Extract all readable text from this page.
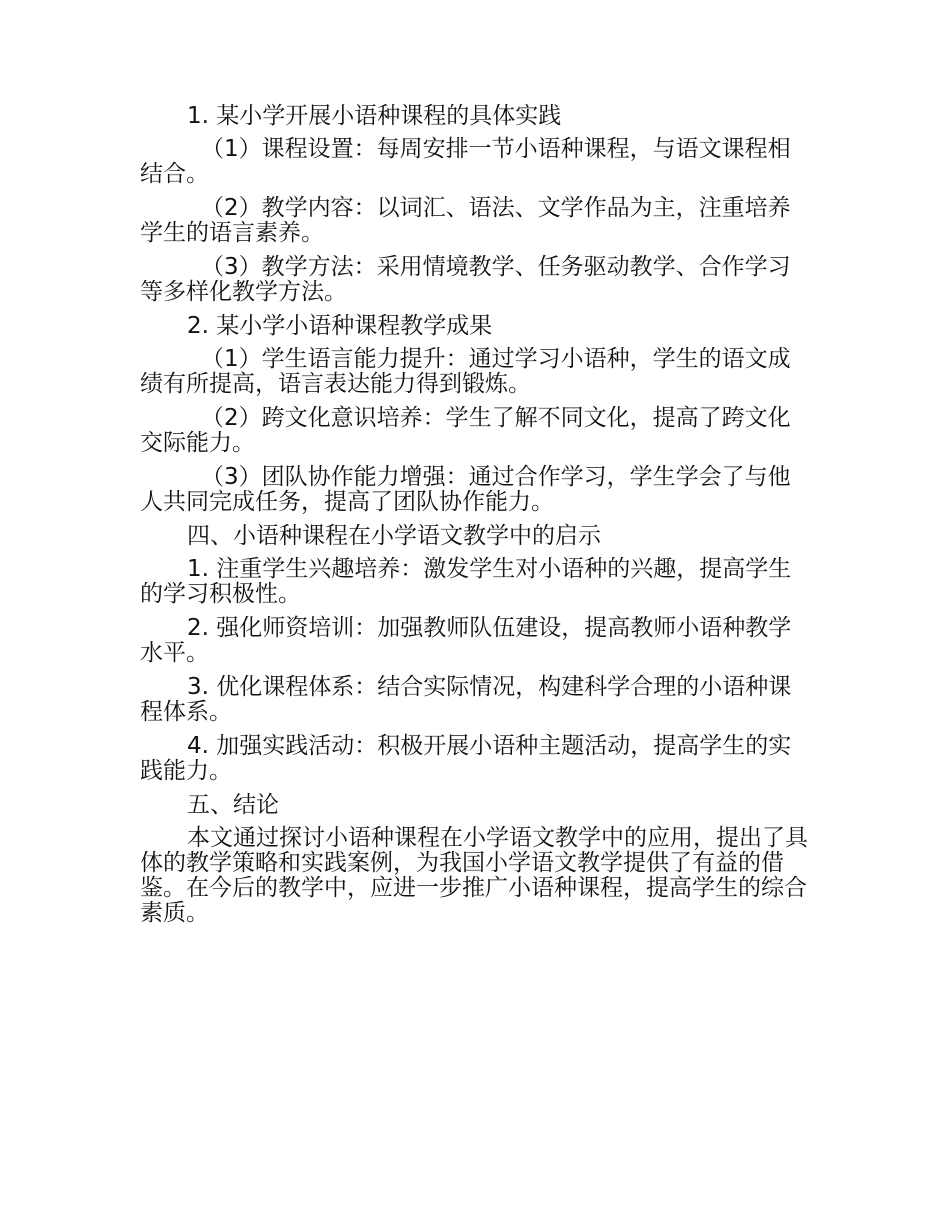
1. 某小学开展小语种课程的具体实践

（1）课程设置：每周安排一节小语种课程，与语文课程相结合。

（2）教学内容：以词汇、语法、文学作品为主，注重培养学生的语言素养。

（3）教学方法：采用情境教学、任务驱动教学、合作学习等多样化教学方法。

2. 某小学小语种课程教学成果

（1）学生语言能力提升：通过学习小语种，学生的语文成绩有所提高，语言表达能力得到锻炼。

（2）跨文化意识培养：学生了解不同文化，提高了跨文化交际能力。

（3）团队协作能力增强：通过合作学习，学生学会了与他人共同完成任务，提高了团队协作能力。

四、小语种课程在小学语文教学中的启示

1. 注重学生兴趣培养：激发学生对小语种的兴趣，提高学生的学习积极性。

2. 强化师资培训：加强教师队伍建设，提高教师小语种教学水平。

3. 优化课程体系：结合实际情况，构建科学合理的小语种课程体系。

4. 加强实践活动：积极开展小语种主题活动，提高学生的实践能力。

五、结论

本文通过探讨小语种课程在小学语文教学中的应用，提出了具体的教学策略和实践案例，为我国小学语文教学提供了有益的借鉴。在今后的教学中，应进一步推广小语种课程，提高学生的综合素质。
